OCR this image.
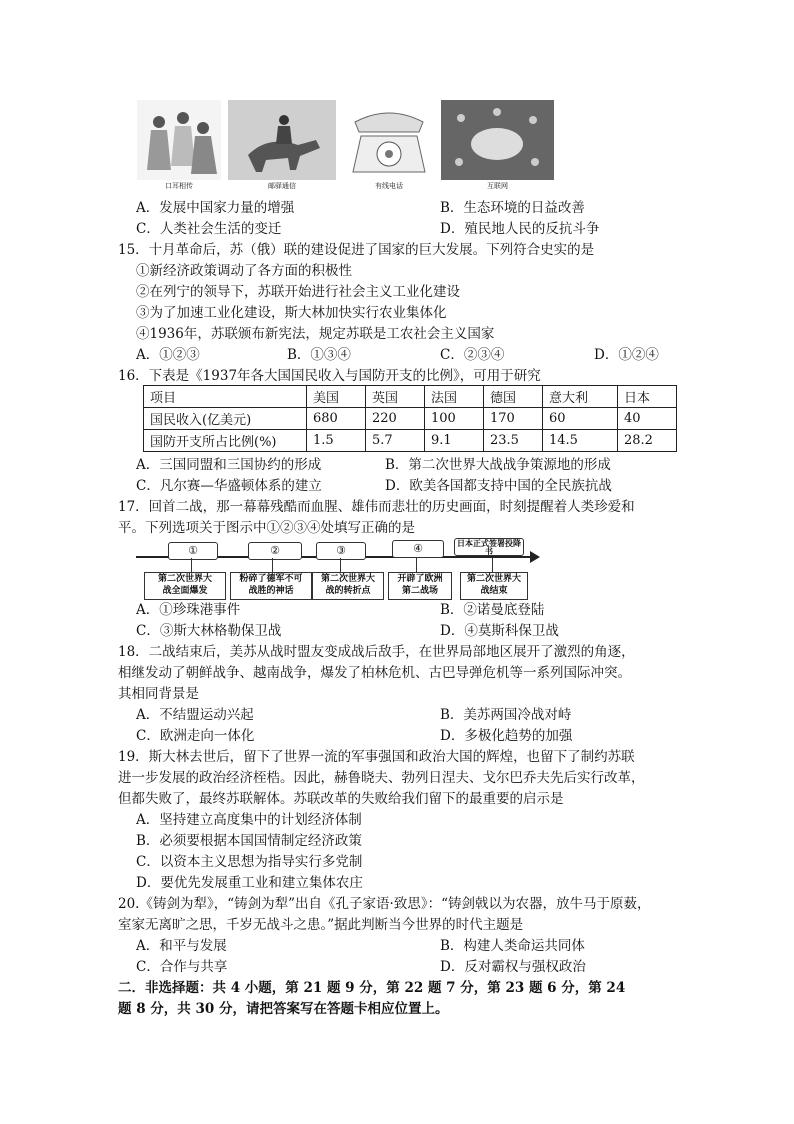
口耳相传	邮驿通信	有线电话	互联网
A．发展中国家力量的增强	B．生态环境的日益改善
C．人类社会生活的变迁	D．殖民地人民的反抗斗争
15．十月革命后，苏（俄）联的建设促进了国家的巨大发展。下列符合史实的是
①新经济政策调动了各方面的积极性
②在列宁的领导下，苏联开始进行社会主义工业化建设
③为了加速工业化建设，斯大林加快实行农业集体化
④1936年，苏联颁布新宪法，规定苏联是工农社会主义国家
A．①②③	B．①③④	C．②③④	D．①②④
16．下表是《1937年各大国国民收入与国防开支的比例》，可用于研究
项目	美国	英国	法国	德国	意大利	日本
国民收入(亿美元)	680	220	100	170	60	40
国防开支所占比例(%)	1.5	5.7	9.1	23.5	14.5	28.2
A．三国同盟和三国协约的形成	B．第二次世界大战战争策源地的形成
C．凡尔赛—华盛顿体系的建立	D．欧美各国都支持中国的全民族抗战
17．回首二战，那一幕幕残酷而血腥、雄伟而悲壮的历史画面，时刻提醒着人类珍爱和
平。下列选项关于图示中①②③④处填写正确的是
①	②	③	④	日本正式签署投降书
第二次世界大战全面爆发
粉碎了德军不可战胜的神话
第二次世界大战的转折点
开辟了欧洲第二战场
第二次世界大战结束
A．①珍珠港事件	B．②诺曼底登陆
C．③斯大林格勒保卫战	D．④莫斯科保卫战
18．二战结束后，美苏从战时盟友变成战后敌手，在世界局部地区展开了激烈的角逐，
相继发动了朝鲜战争、越南战争，爆发了柏林危机、古巴导弹危机等一系列国际冲突。
其相同背景是
A．不结盟运动兴起	B．美苏两国冷战对峙
C．欧洲走向一体化	D．多极化趋势的加强
19．斯大林去世后，留下了世界一流的军事强国和政治大国的辉煌，也留下了制约苏联
进一步发展的政治经济桎梏。因此，赫鲁晓夫、勃列日涅夫、戈尔巴乔夫先后实行改革，
但都失败了，最终苏联解体。苏联改革的失败给我们留下的最重要的启示是
A．坚持建立高度集中的计划经济体制
B．必须要根据本国国情制定经济政策
C．以资本主义思想为指导实行多党制
D．要优先发展重工业和建立集体农庄
20.《铸剑为犁》，“铸剑为犁”出自《孔子家语·致思》：“铸剑戟以为农器，放牛马于原薮，
室家无离旷之思，千岁无战斗之患。”据此判断当今世界的时代主题是
A．和平与发展	B．构建人类命运共同体
C．合作与共享	D．反对霸权与强权政治
二．非选择题：共 4 小题，第 21 题 9 分，第 22 题 7 分，第 23 题 6 分，第 24
题 8 分，共 30 分，请把答案写在答题卡相应位置上。
